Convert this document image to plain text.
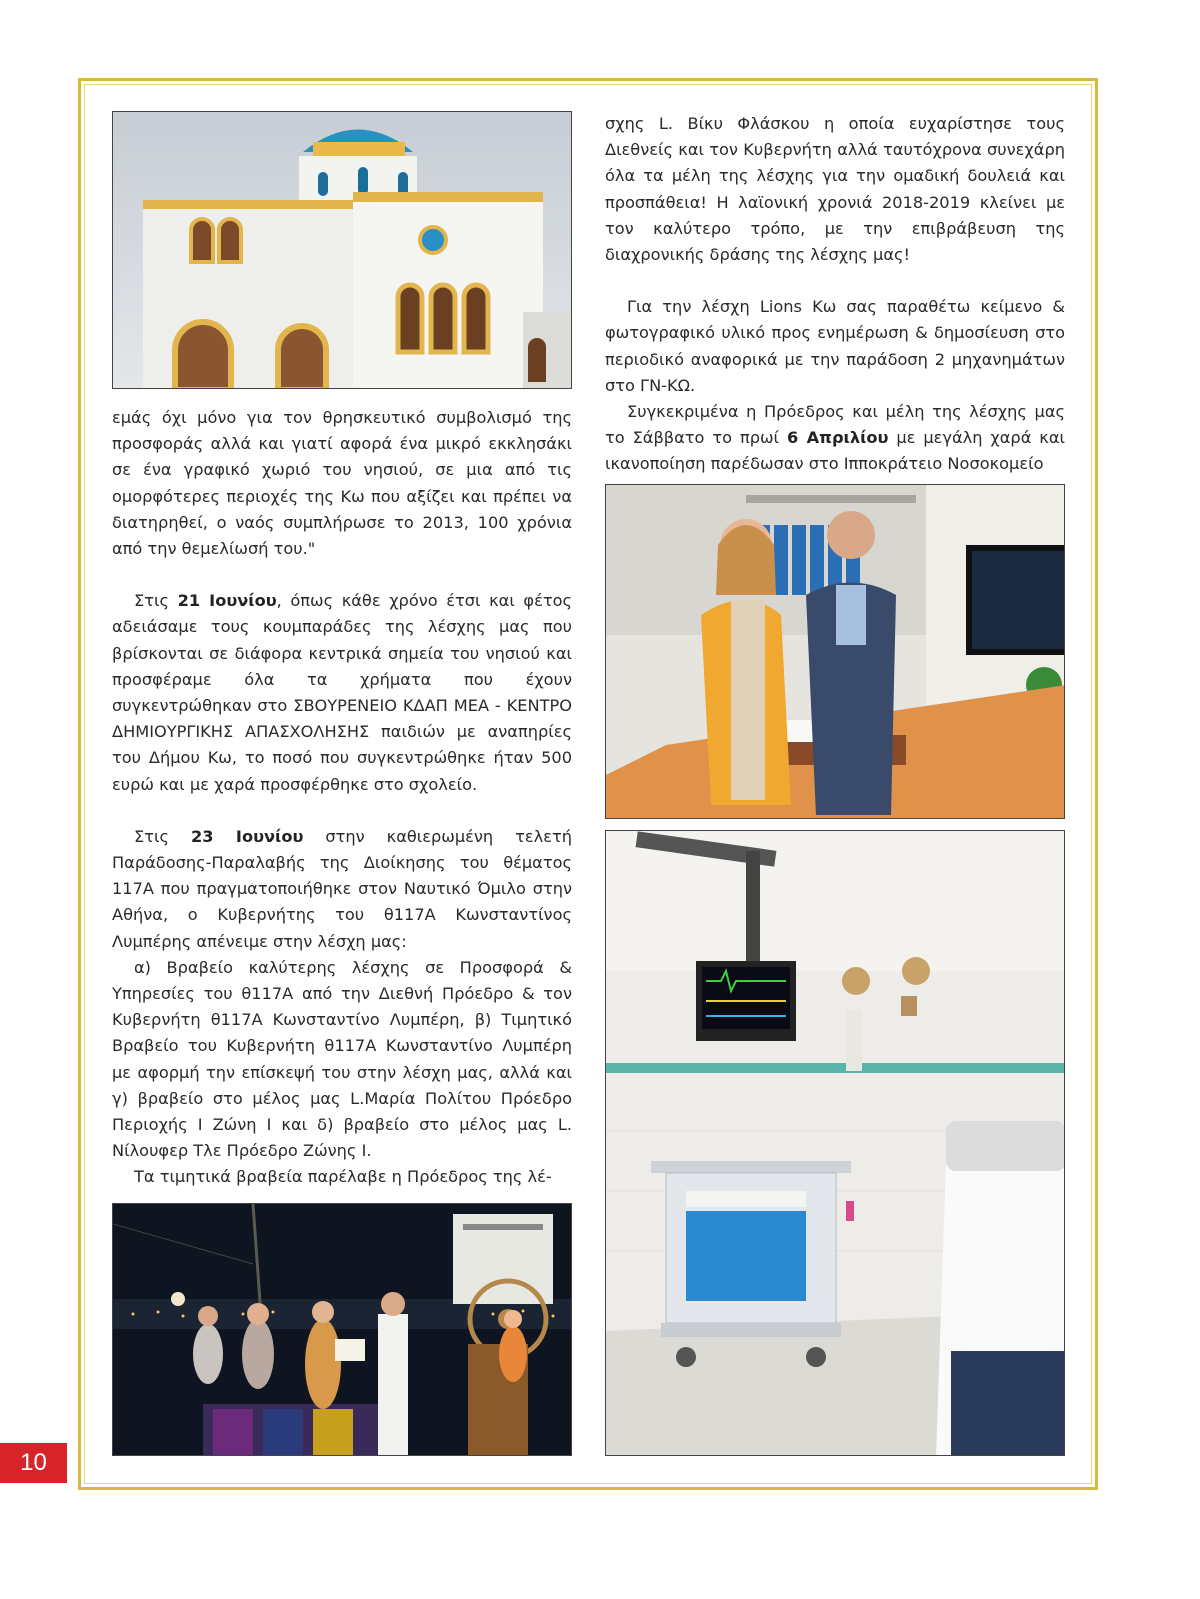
εμάς όχι μόνο για τον θρησκευτικό συμβολισμό της προσφοράς αλλά και γιατί αφορά ένα μικρό εκκλησάκι σε ένα γραφικό χωριό του νησιού, σε μια από τις ομορφότερες περιοχές της Κω που αξίζει και πρέπει να διατηρηθεί, ο ναός συμπλήρωσε το 2013, 100 χρόνια από την θεμελίωσή του."

Στις 21 Ιουνίου, όπως κάθε χρόνο έτσι και φέτος αδειάσαμε τους κουμπαράδες της λέσχης μας που βρίσκονται σε διάφορα κεντρικά σημεία του νησιού και προσφέραμε όλα τα χρήματα που έχουν συγκεντρώθηκαν στο ΣΒΟΥΡΕΝΕΙΟ ΚΔΑΠ ΜΕΑ - ΚΕΝΤΡΟ ΔΗΜΙΟΥΡΓΙΚΗΣ ΑΠΑΣΧΟΛΗΣΗΣ παιδιών με αναπηρίες του Δήμου Κω, το ποσό που συγκεντρώθηκε ήταν 500 ευρώ και με χαρά προσφέρθηκε στο σχολείο.

Στις 23 Ιουνίου στην καθιερωμένη τελετή Παράδοσης-Παραλαβής της Διοίκησης του θέματος 117Α που πραγματοποιήθηκε στον Ναυτικό Όμιλο στην Αθήνα, ο Κυβερνήτης του θ117Α Κωνσταντίνος Λυμπέρης απένειμε στην λέσχη μας:

α) Βραβείο καλύτερης λέσχης σε Προσφορά & Υπηρεσίες του θ117Α από την Διεθνή Πρόεδρο & τον Κυβερνήτη θ117Α Κωνσταντίνο Λυμπέρη, β) Τιμητικό Βραβείο του Κυβερνήτη θ117Α Κωνσταντίνο Λυμπέρη με αφορμή την επίσκεψή του στην λέσχη μας, αλλά και γ) βραβείο στο μέλος μας L.Μαρία Πολίτου Πρόεδρο Περιοχής Ι Ζώνη Ι και δ) βραβείο στο μέλος μας L. Νίλουφερ Τλε Πρόεδρο Ζώνης Ι.

Τα τιμητικά βραβεία παρέλαβε η Πρόεδρος της λέ-

σχης L. Βίκυ Φλάσκου η οποία ευχαρίστησε τους Διεθνείς και τον Κυβερνήτη αλλά ταυτόχρονα συνεχάρη όλα τα μέλη της λέσχης για την ομαδική δουλειά και προσπάθεια! Η λαϊονική χρονιά 2018-2019 κλείνει με τον καλύτερο τρόπο, με την επιβράβευση της διαχρονικής δράσης της λέσχης μας!

Για την λέσχη Lions Κω σας παραθέτω κείμενο & φωτογραφικό υλικό προς ενημέρωση & δημοσίευση στο περιοδικό αναφορικά με την παράδοση 2 μηχανημάτων στο ΓΝ-ΚΩ.

Συγκεκριμένα η Πρόεδρος και μέλη της λέσχης μας το Σάββατο το πρωί 6 Απριλίου με μεγάλη χαρά και ικανοποίηση παρέδωσαν στο Ιπποκράτειο Νοσοκομείο

10
